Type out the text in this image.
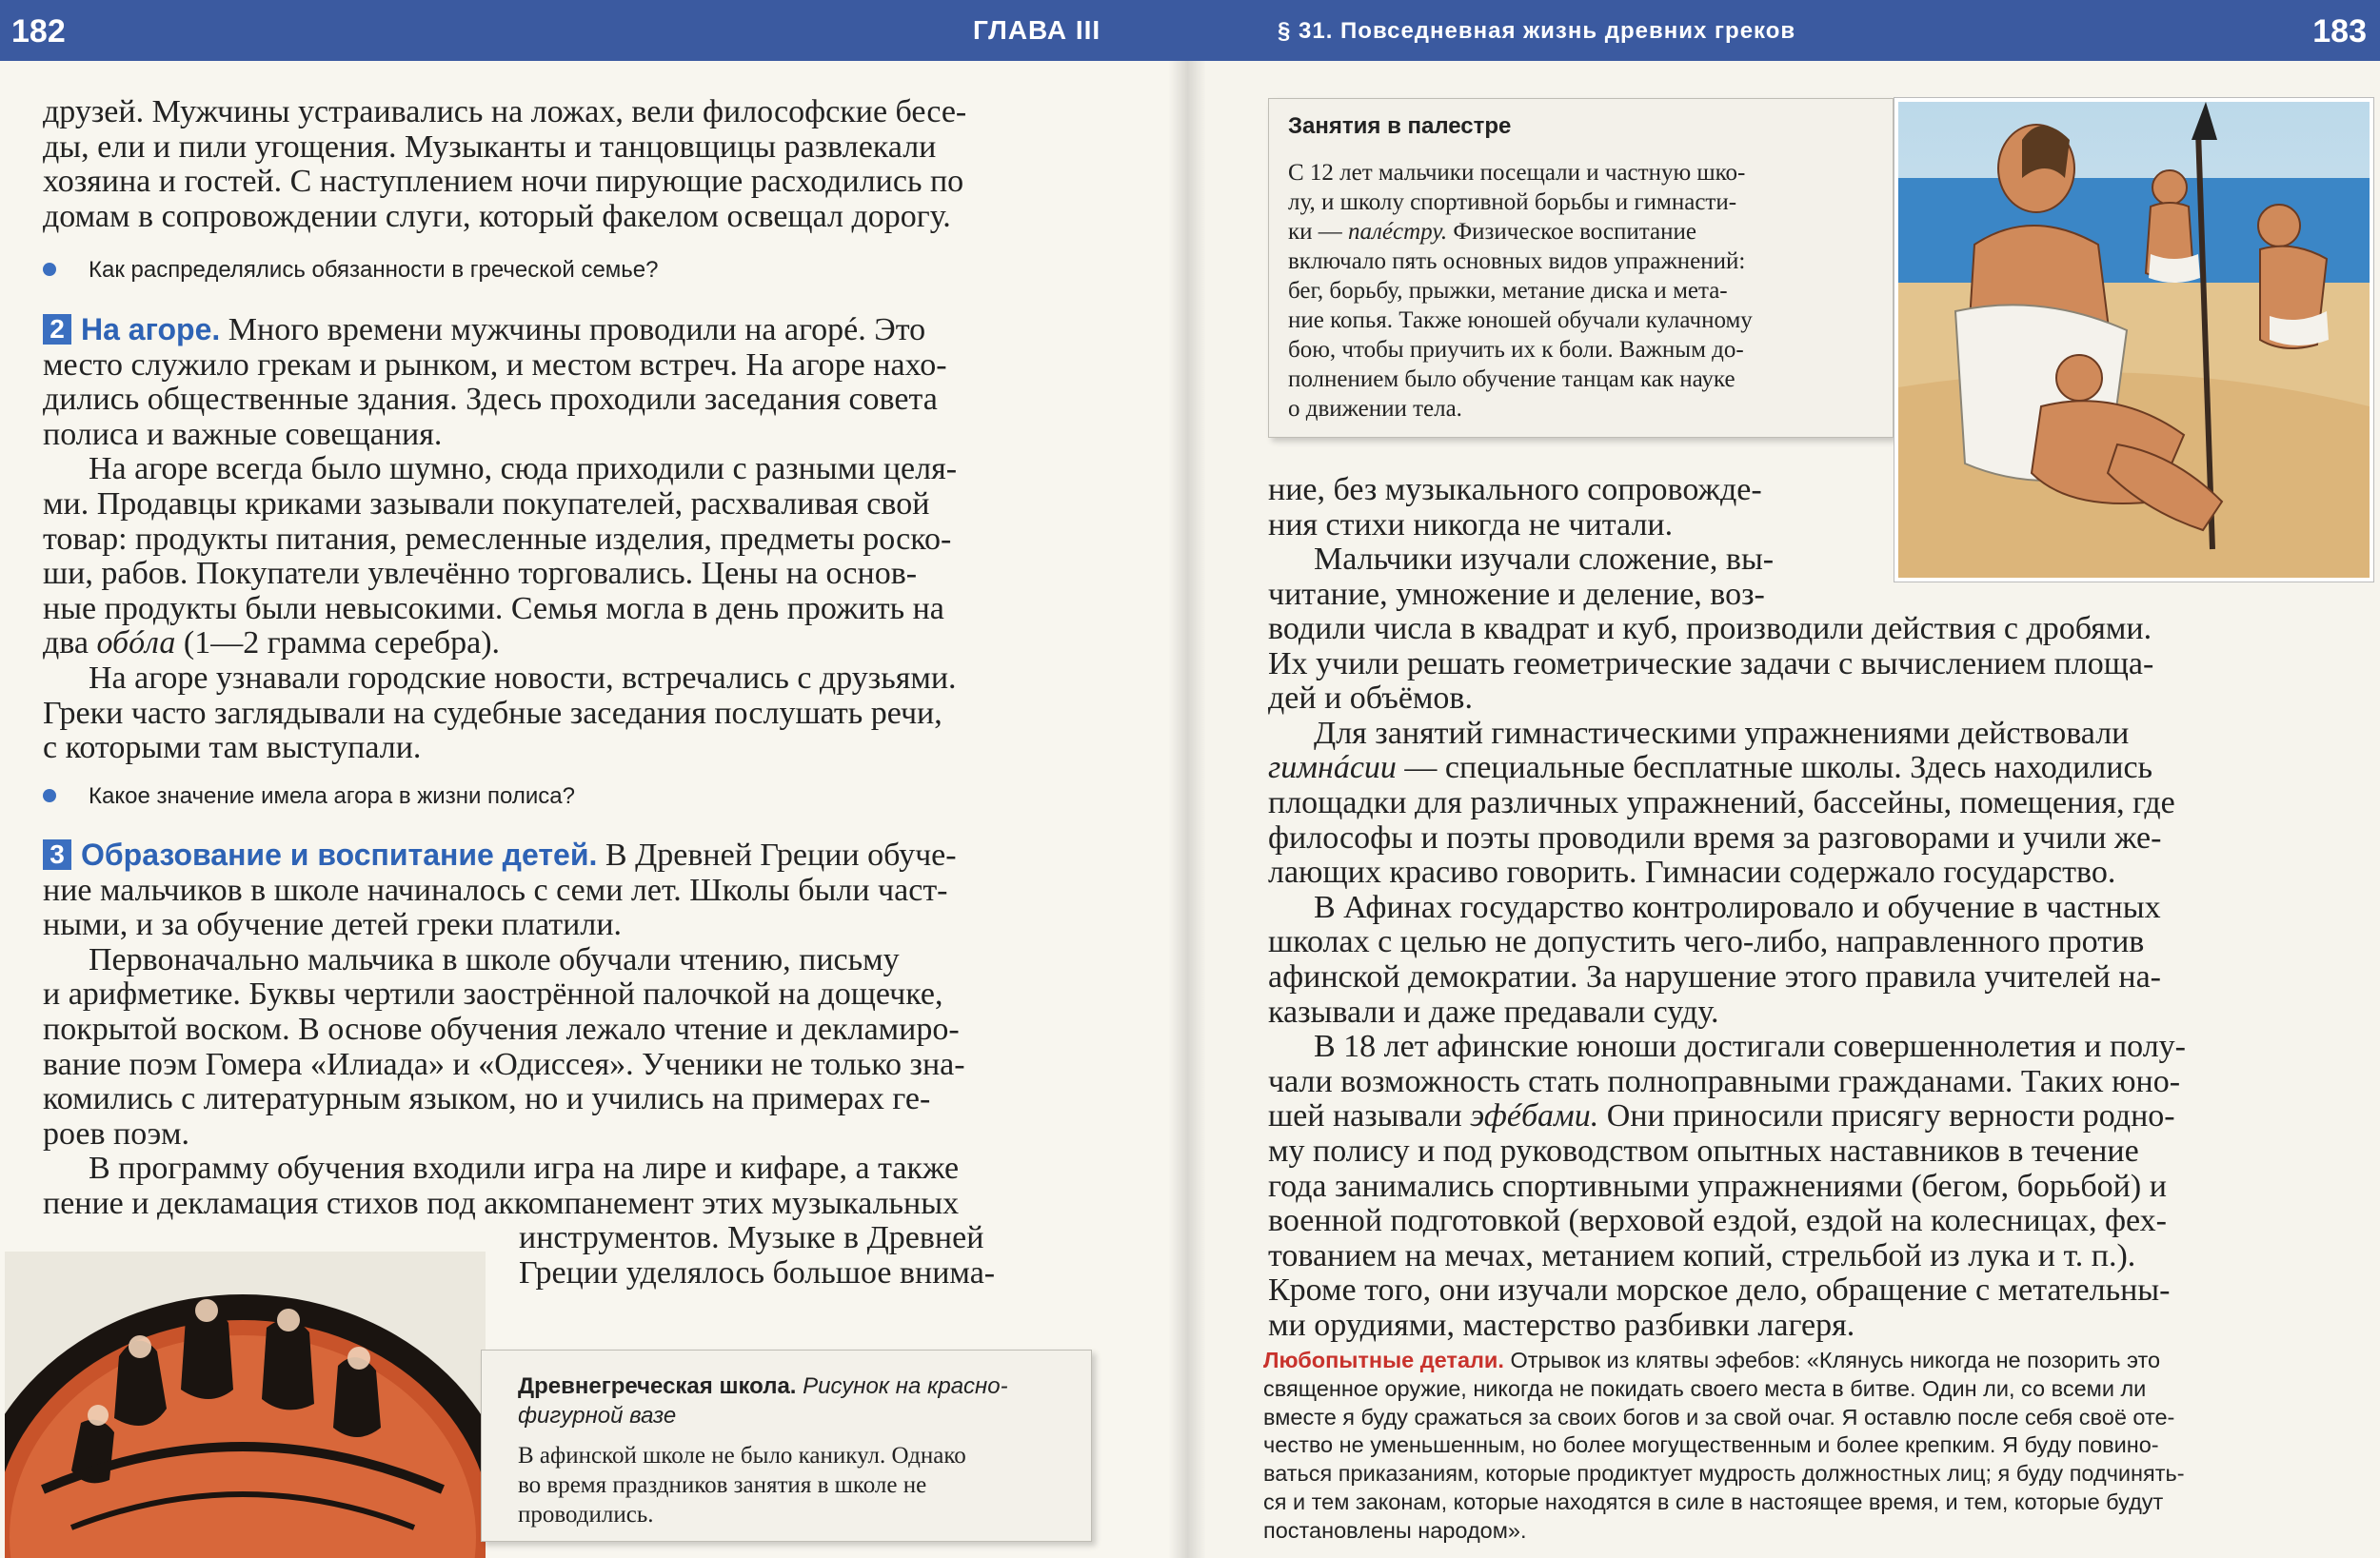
182	ГЛАВА III	§ 31. Повседневная жизнь древних греков	183

друзей. Мужчины устраивались на ложах, вели философские бесе-

ды, ели и пили угощения. Музыканты и танцовщицы развлекали

хозяина и гостей. С наступлением ночи пирующие расходились по

домам в сопровождении слуги, который факелом освещал дорогу.

Как распределялись обязанности в греческой семье?

2 На агоре. Много времени мужчины проводили на агорé. Это

место служило грекам и рынком, и местом встреч. На агоре нахо-

дились общественные здания. Здесь проходили заседания совета

полиса и важные совещания.

На агоре всегда было шумно, сюда приходили с разными целя-

ми. Продавцы криками зазывали покупателей, расхваливая свой

товар: продукты питания, ремесленные изделия, предметы роско-

ши, рабов. Покупатели увлечённо торговались. Цены на основ-

ные продукты были невысокими. Семья могла в день прожить на

два обóла (1—2 грамма серебра).

На агоре узнавали городские новости, встречались с друзьями.

Греки часто заглядывали на судебные заседания послушать речи,

с которыми там выступали.

Какое значение имела агора в жизни полиса?

3 Образование и воспитание детей. В Древней Греции обуче-

ние мальчиков в школе начиналось с семи лет. Школы были част-

ными, и за обучение детей греки платили.

Первоначально мальчика в школе обучали чтению, письму

и арифметике. Буквы чертили заострённой палочкой на дощечке,

покрытой воском. В основе обучения лежало чтение и декламиро-

вание поэм Гомера «Илиада» и «Одиссея». Ученики не только зна-

комились с литературным языком, но и учились на примерах ге-

роев поэм.

В программу обучения входили игра на лире и кифаре, а также

пение и декламация стихов под аккомпанемент этих музыкальных

инструментов. Музыке в Древней

Греции уделялось большое внима-

Древнегреческая школа. Рисунок на красно-
фигурной вазе
В афинской школе не было каникул. Однако
во время праздников занятия в школе не
проводились.
Занятия в палестре
С 12 лет мальчики посещали и частную шко-
лу, и школу спортивной борьбы и гимнасти-
ки — палéстру. Физическое воспитание
включало пять основных видов упражнений:
бег, борьбу, прыжки, метание диска и мета-
ние копья. Также юношей обучали кулачному
бою, чтобы приучить их к боли. Важным до-
полнением было обучение танцам как науке
о движении тела.

ние, без музыкального сопровожде-

ния стихи никогда не читали.

Мальчики изучали сложение, вы-

читание, умножение и деление, воз-

водили числа в квадрат и куб, производили действия с дробями.

Их учили решать геометрические задачи с вычислением площа-

дей и объёмов.

Для занятий гимнастическими упражнениями действовали

гимнáсии — специальные бесплатные школы. Здесь находились

площадки для различных упражнений, бассейны, помещения, где

философы и поэты проводили время за разговорами и учили же-

лающих красиво говорить. Гимнасии содержало государство.

В Афинах государство контролировало и обучение в частных

школах с целью не допустить чего-либо, направленного против

афинской демократии. За нарушение этого правила учителей на-

казывали и даже предавали суду.

В 18 лет афинские юноши достигали совершеннолетия и полу-

чали возможность стать полноправными гражданами. Таких юно-

шей называли эфéбами. Они приносили присягу верности родно-

му полису и под руководством опытных наставников в течение

года занимались спортивными упражнениями (бегом, борьбой) и

военной подготовкой (верховой ездой, ездой на колесницах, фех-

тованием на мечах, метанием копий, стрельбой из лука и т. п.).

Кроме того, они изучали морское дело, обращение с метательны-

ми орудиями, мастерство разбивки лагеря.

Любопытные детали. Отрывок из клятвы эфебов: «Клянусь никогда не позорить это
священное оружие, никогда не покидать своего места в битве. Один ли, со всеми ли
вместе я буду сражаться за своих богов и за свой очаг. Я оставлю после себя своё оте-
чество не уменьшенным, но более могущественным и более крепким. Я буду повино-
ваться приказаниям, которые продиктует мудрость должностных лиц; я буду подчинять-
ся и тем законам, которые находятся в силе в настоящее время, и тем, которые будут
постановлены народом».
